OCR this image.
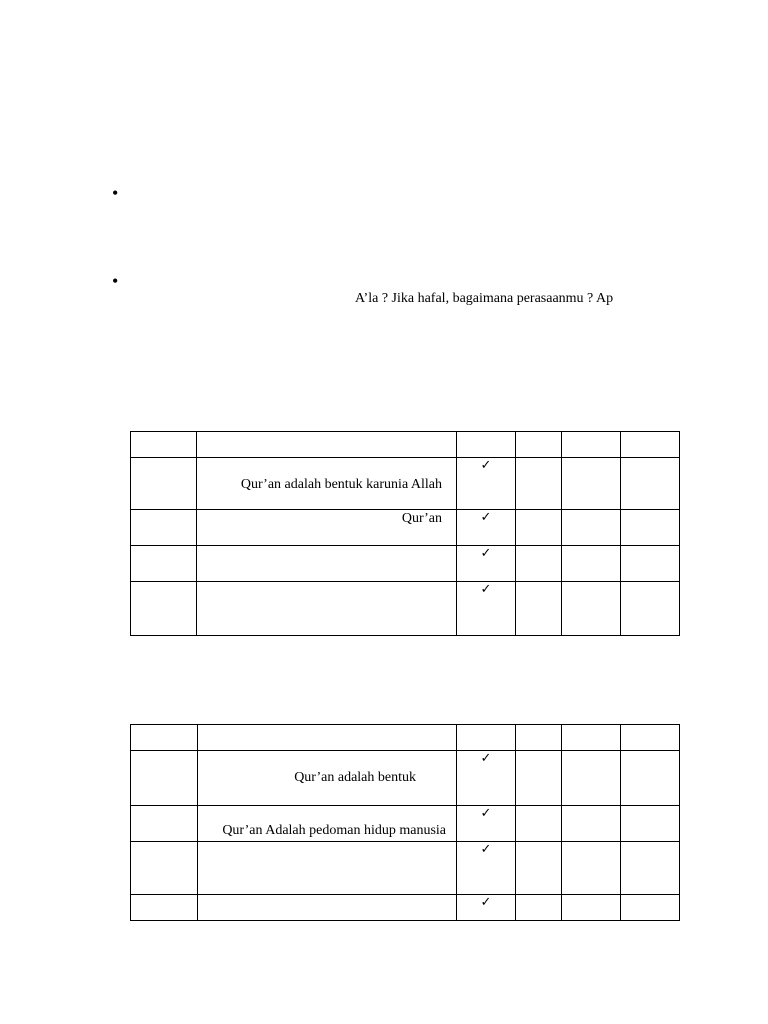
•
•
A’la ? Jika hafal, bagaimana perasaanmu ? Ap

	Qur’an adalah bentuk karunia Allah	✓			
	Qur’an	✓			
		✓			
		✓			

	Qur’an adalah bentuk	✓			
	Qur’an Adalah pedoman hidup manusia	✓			
		✓			
		✓			
